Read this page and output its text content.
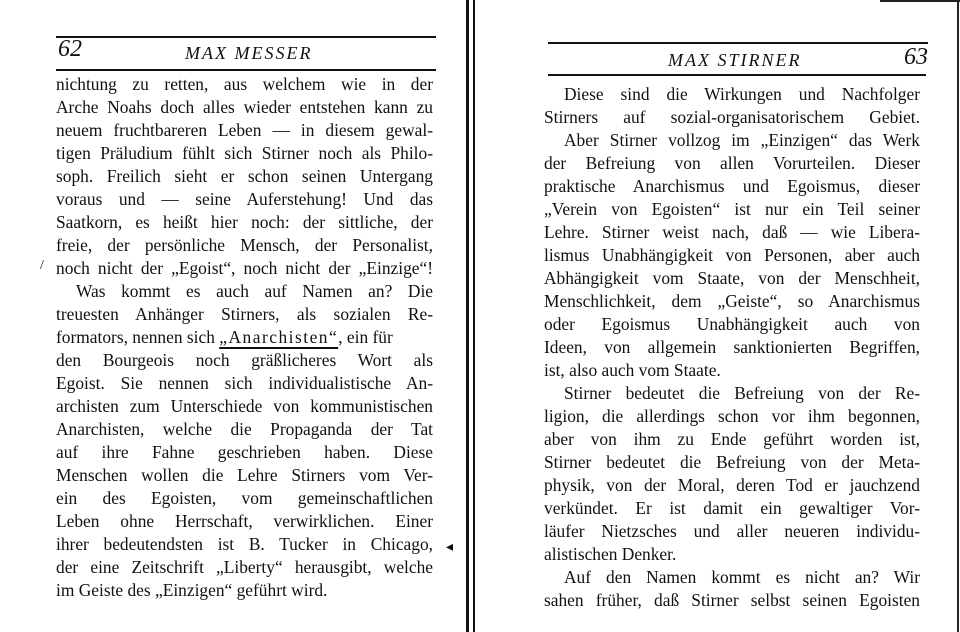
62	MAX MESSER
nichtung zu retten, aus welchem wie in der
Arche Noahs doch alles wieder entstehen kann zu
neuem fruchtbareren Leben — in diesem gewal-
tigen Präludium fühlt sich Stirner noch als Philo-
soph. Freilich sieht er schon seinen Untergang
voraus und — seine Auferstehung! Und das
Saatkorn, es heißt hier noch: der sittliche, der
freie, der persönliche Mensch, der Personalist,
noch nicht der „Egoist“, noch nicht der „Einzige“!
Was kommt es auch auf Namen an? Die
treuesten Anhänger Stirners, als sozialen Re-
formators, nennen sich „Anarchisten“, ein für
den Bourgeois noch gräßlicheres Wort als
Egoist. Sie nennen sich individualistische An-
archisten zum Unterschiede von kommunistischen
Anarchisten, welche die Propaganda der Tat
auf ihre Fahne geschrieben haben. Diese
Menschen wollen die Lehre Stirners vom Ver-
ein des Egoisten, vom gemeinschaftlichen
Leben ohne Herrschaft, verwirklichen. Einer
ihrer bedeutendsten ist B. Tucker in Chicago,
der eine Zeitschrift „Liberty“ herausgibt, welche
im Geiste des „Einzigen“ geführt wird.
/
◂
MAX STIRNER	63
Diese sind die Wirkungen und Nachfolger
Stirners auf sozial-organisatorischem Gebiet.
Aber Stirner vollzog im „Einzigen“ das Werk
der Befreiung von allen Vorurteilen. Dieser
praktische Anarchismus und Egoismus, dieser
„Verein von Egoisten“ ist nur ein Teil seiner
Lehre. Stirner weist nach, daß — wie Libera-
lismus Unabhängigkeit von Personen, aber auch
Abhängigkeit vom Staate, von der Menschheit,
Menschlichkeit, dem „Geiste“, so Anarchismus
oder Egoismus Unabhängigkeit auch von
Ideen, von allgemein sanktionierten Begriffen,
ist, also auch vom Staate.
Stirner bedeutet die Befreiung von der Re-
ligion, die allerdings schon vor ihm begonnen,
aber von ihm zu Ende geführt worden ist,
Stirner bedeutet die Befreiung von der Meta-
physik, von der Moral, deren Tod er jauchzend
verkündet. Er ist damit ein gewaltiger Vor-
läufer Nietzsches und aller neueren individu-
alistischen Denker.
Auf den Namen kommt es nicht an? Wir
sahen früher, daß Stirner selbst seinen Egoisten
